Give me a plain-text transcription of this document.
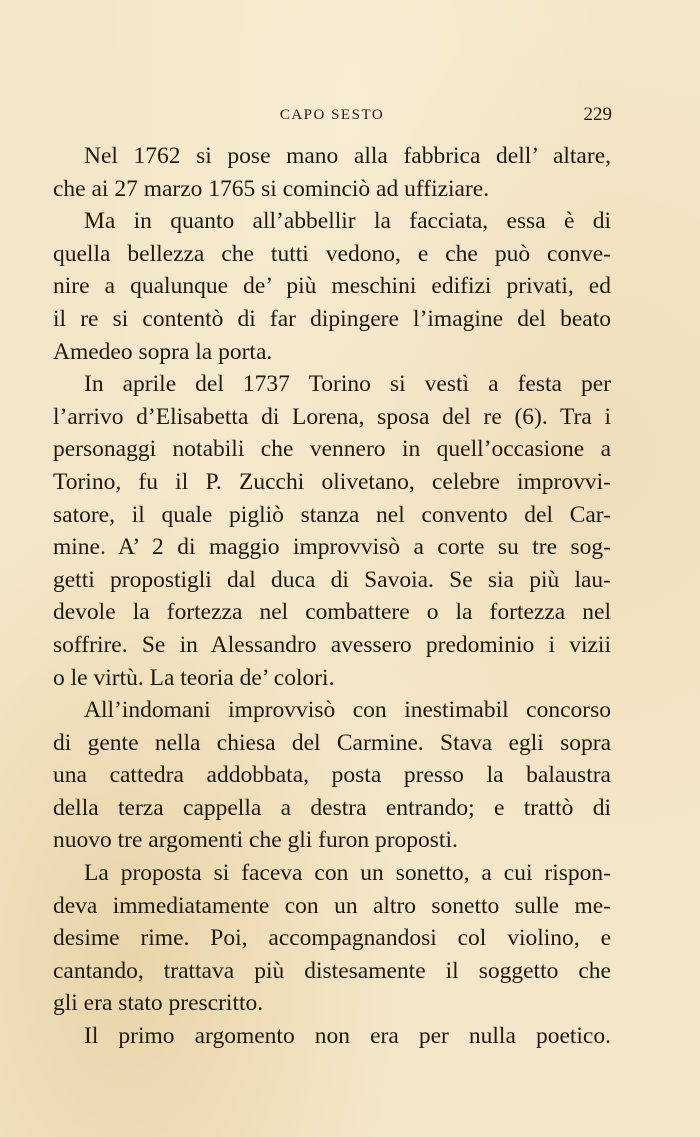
CAPO SESTO	229

Nel 1762 si pose mano alla fabbrica dell’ altare,
che ai 27 marzo 1765 si cominciò ad uffiziare.

Ma in quanto all’abbellir la facciata, essa è di
quella bellezza che tutti vedono, e che può conve-
nire a qualunque de’ più meschini edifizi privati, ed
il re si contentò di far dipingere l’imagine del beato
Amedeo sopra la porta.

In aprile del 1737 Torino si vestì a festa per
l’arrivo d’Elisabetta di Lorena, sposa del re (6). Tra i
personaggi notabili che vennero in quell’occasione a
Torino, fu il P. Zucchi olivetano, celebre improvvi-
satore, il quale pigliò stanza nel convento del Car-
mine. A’ 2 di maggio improvvisò a corte su tre sog-
getti propostigli dal duca di Savoia. Se sia più lau-
devole la fortezza nel combattere o la fortezza nel
soffrire. Se in Alessandro avessero predominio i vizii
o le virtù. La teoria de’ colori.

All’indomani improvvisò con inestimabil concorso
di gente nella chiesa del Carmine. Stava egli sopra
una cattedra addobbata, posta presso la balaustra
della terza cappella a destra entrando; e trattò di
nuovo tre argomenti che gli furon proposti.

La proposta si faceva con un sonetto, a cui rispon-
deva immediatamente con un altro sonetto sulle me-
desime rime. Poi, accompagnandosi col violino, e
cantando, trattava più distesamente il soggetto che
gli era stato prescritto.

Il primo argomento non era per nulla poetico.
